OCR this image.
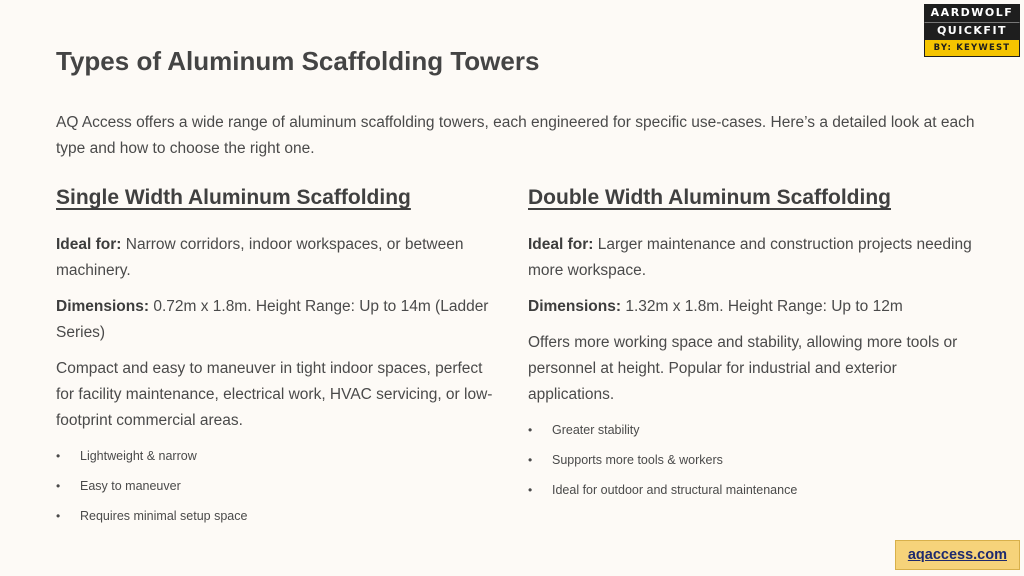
AARDWOLF
QUICKFIT
BY: KEYWEST
Types of Aluminum Scaffolding Towers

AQ Access offers a wide range of aluminum scaffolding towers, each engineered for specific use-cases. Here’s a detailed look at each type and how to choose the right one.

Single Width Aluminum Scaffolding

Ideal for: Narrow corridors, indoor workspaces, or between machinery.

Dimensions: 0.72m x 1.8m. Height Range: Up to 14m (Ladder Series)

Compact and easy to maneuver in tight indoor spaces, perfect for facility maintenance, electrical work, HVAC servicing, or low-footprint commercial areas.

• Lightweight & narrow
• Easy to maneuver
• Requires minimal setup space
Double Width Aluminum Scaffolding

Ideal for: Larger maintenance and construction projects needing more workspace.

Dimensions: 1.32m x 1.8m. Height Range: Up to 12m

Offers more working space and stability, allowing more tools or personnel at height. Popular for industrial and exterior applications.

• Greater stability
• Supports more tools & workers
• Ideal for outdoor and structural maintenance
aqaccess.com
